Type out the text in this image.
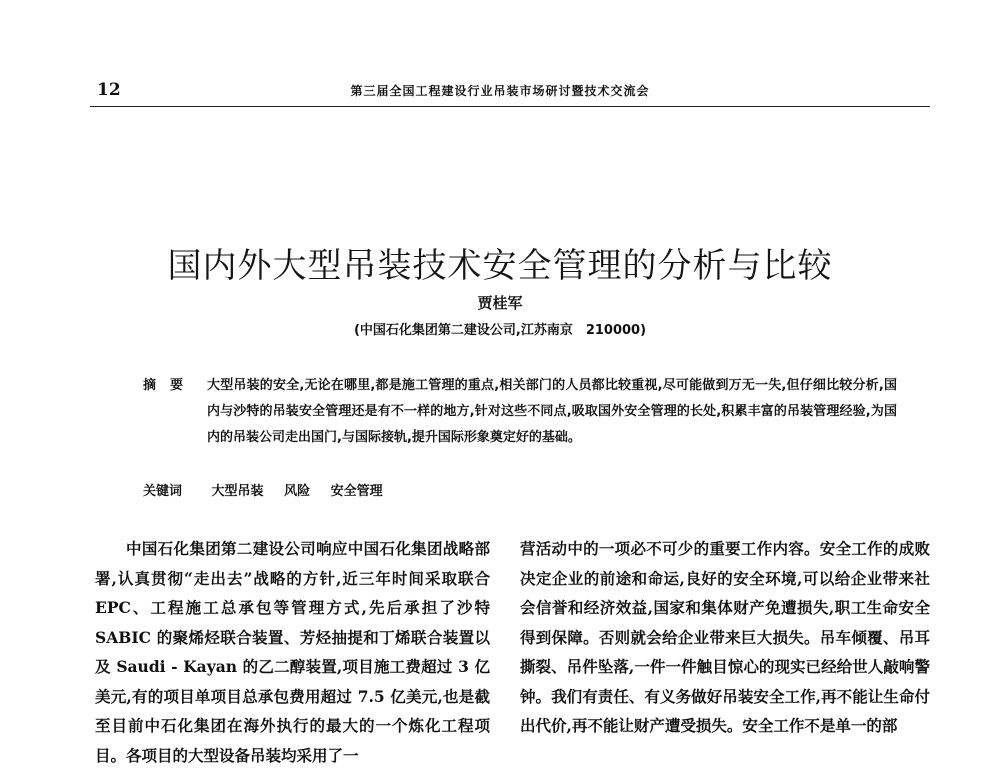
12	第三届全国工程建设行业吊装市场研讨暨技术交流会
国内外大型吊装技术安全管理的分析与比较
贾桂军
(中国石化集团第二建设公司,江苏南京　210000)
摘要 大型吊装的安全,无论在哪里,都是施工管理的重点,相关部门的人员都比较重视,尽可能做到万无一失,但仔细比较分析,国内与沙特的吊装安全管理还是有不一样的地方,针对这些不同点,吸取国外安全管理的长处,积累丰富的吊装管理经验,为国内的吊装公司走出国门,与国际接轨,提升国际形象奠定好的基础。
关键词 大型吊装 风险 安全管理

中国石化集团第二建设公司响应中国石化集团战略部署,认真贯彻“走出去”战略的方针,近三年时间采取联合 EPC、工程施工总承包等管理方式,先后承担了沙特 SABIC 的聚烯烃联合装置、芳烃抽提和丁烯联合装置以及 Saudi - Kayan 的乙二醇装置,项目施工费超过 3 亿美元,有的项目单项目总承包费用超过 7.5 亿美元,也是截至目前中石化集团在海外执行的最大的一个炼化工程项目。各项目的大型设备吊装均采用了一

营活动中的一项必不可少的重要工作内容。安全工作的成败决定企业的前途和命运,良好的安全环境,可以给企业带来社会信誉和经济效益,国家和集体财产免遭损失,职工生命安全得到保障。否则就会给企业带来巨大损失。吊车倾覆、吊耳撕裂、吊件坠落,一件一件触目惊心的现实已经给世人敲响警钟。我们有责任、有义务做好吊装安全工作,再不能让生命付出代价,再不能让财产遭受损失。安全工作不是单一的部
